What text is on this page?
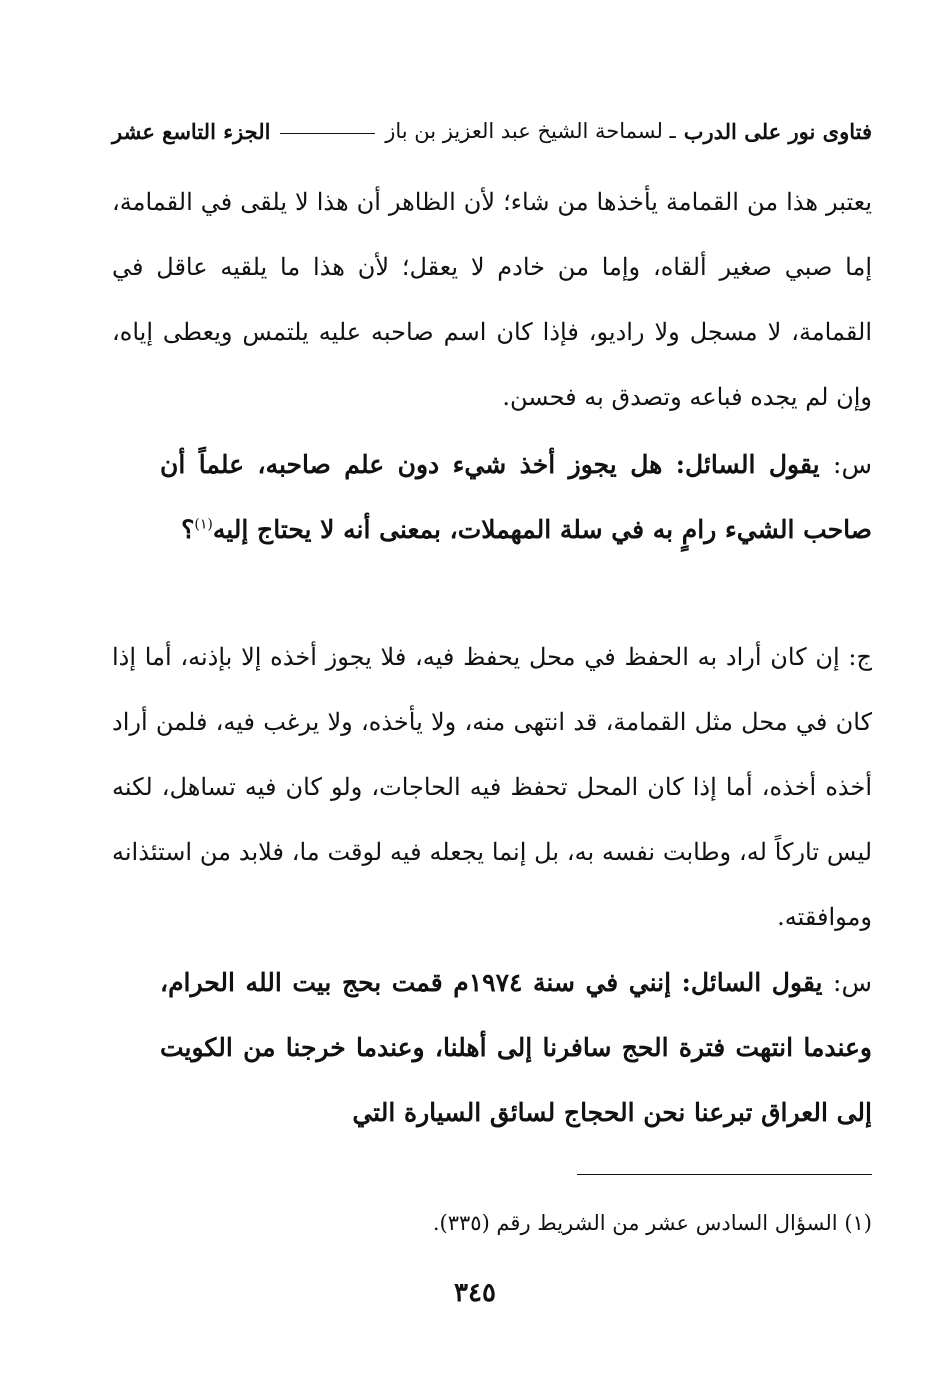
فتاوى نور على الدرب
ـ لسماحة الشيخ عبد العزيز بن باز
الجزء التاسع عشر
يعتبر هذا من القمامة يأخذها من شاء؛ لأن الظاهر أن هذا لا يلقى في القمامة، إما صبي صغير ألقاه، وإما من خادم لا يعقل؛ لأن هذا ما يلقيه عاقل في القمامة، لا مسجل ولا راديو، فإذا كان اسم صاحبه عليه يلتمس ويعطى إياه، وإن لم يجده فباعه وتصدق به فحسن.
س: يقول السائل: هل يجوز أخذ شيء دون علم صاحبه، علماً أن صاحب الشيء رامٍ به في سلة المهملات، بمعنى أنه لا يحتاج إليه$^{(١)}$؟
ج: إن كان أراد به الحفظ في محل يحفظ فيه، فلا يجوز أخذه إلا بإذنه، أما إذا كان في محل مثل القمامة، قد انتهى منه، ولا يأخذه، ولا يرغب فيه، فلمن أراد أخذه أخذه، أما إذا كان المحل تحفظ فيه الحاجات، ولو كان فيه تساهل، لكنه ليس تاركاً له، وطابت نفسه به، بل إنما يجعله فيه لوقت ما، فلابد من استئذانه وموافقته.
س: يقول السائل: إنني في سنة ١٩٧٤م قمت بحج بيت الله الحرام، وعندما انتهت فترة الحج سافرنا إلى أهلنا، وعندما خرجنا من الكويت إلى العراق تبرعنا نحن الحجاج لسائق السيارة التي
(١) السؤال السادس عشر من الشريط رقم (٣٣٥).
٣٤٥
